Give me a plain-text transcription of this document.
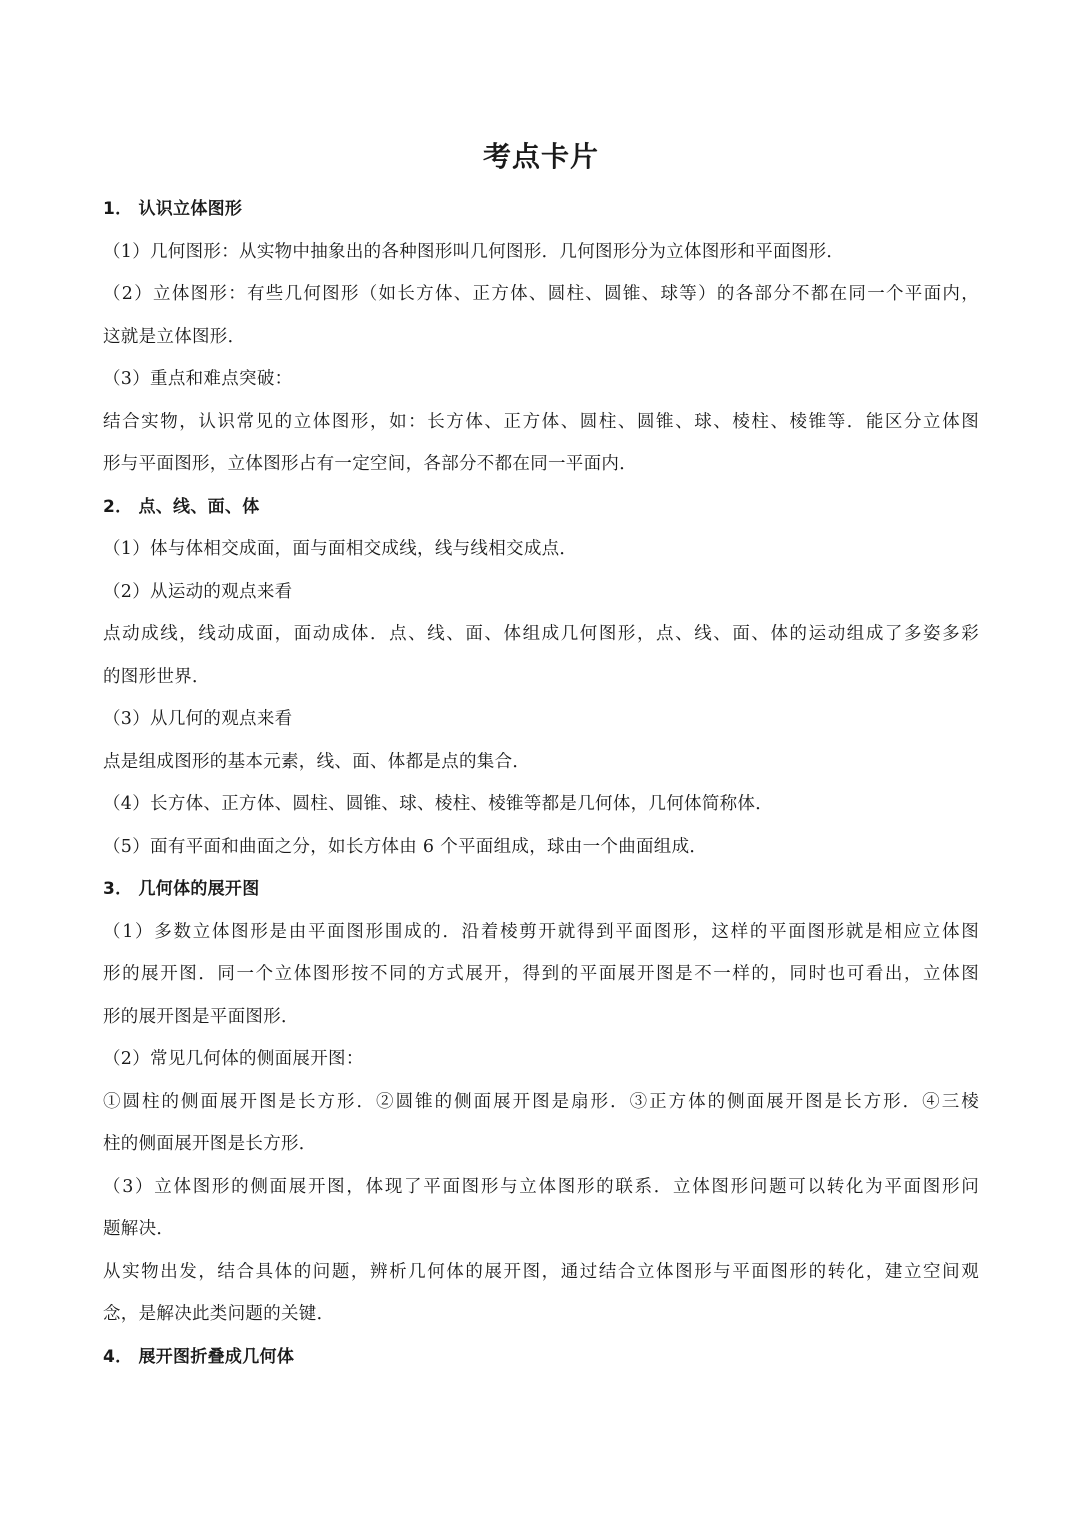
考点卡片
1． 认识立体图形
（1）几何图形：从实物中抽象出的各种图形叫几何图形．几何图形分为立体图形和平面图形．
（2）立体图形：有些几何图形（如长方体、正方体、圆柱、圆锥、球等）的各部分不都在同一个平面内，
这就是立体图形．
（3）重点和难点突破：
结合实物，认识常见的立体图形，如：长方体、正方体、圆柱、圆锥、球、棱柱、棱锥等．能区分立体图
形与平面图形，立体图形占有一定空间，各部分不都在同一平面内．
2． 点、线、面、体
（1）体与体相交成面，面与面相交成线，线与线相交成点．
（2）从运动的观点来看
点动成线，线动成面，面动成体．点、线、面、体组成几何图形，点、线、面、体的运动组成了多姿多彩
的图形世界．
（3）从几何的观点来看
点是组成图形的基本元素，线、面、体都是点的集合．
（4）长方体、正方体、圆柱、圆锥、球、棱柱、棱锥等都是几何体，几何体简称体．
（5）面有平面和曲面之分，如长方体由 6 个平面组成，球由一个曲面组成．
3． 几何体的展开图
（1）多数立体图形是由平面图形围成的．沿着棱剪开就得到平面图形，这样的平面图形就是相应立体图
形的展开图．同一个立体图形按不同的方式展开，得到的平面展开图是不一样的，同时也可看出，立体图
形的展开图是平面图形．
（2）常见几何体的侧面展开图：
①圆柱的侧面展开图是长方形．②圆锥的侧面展开图是扇形．③正方体的侧面展开图是长方形．④三棱
柱的侧面展开图是长方形．
（3）立体图形的侧面展开图，体现了平面图形与立体图形的联系．立体图形问题可以转化为平面图形问
题解决．
从实物出发，结合具体的问题，辨析几何体的展开图，通过结合立体图形与平面图形的转化，建立空间观
念，是解决此类问题的关键．
4． 展开图折叠成几何体
